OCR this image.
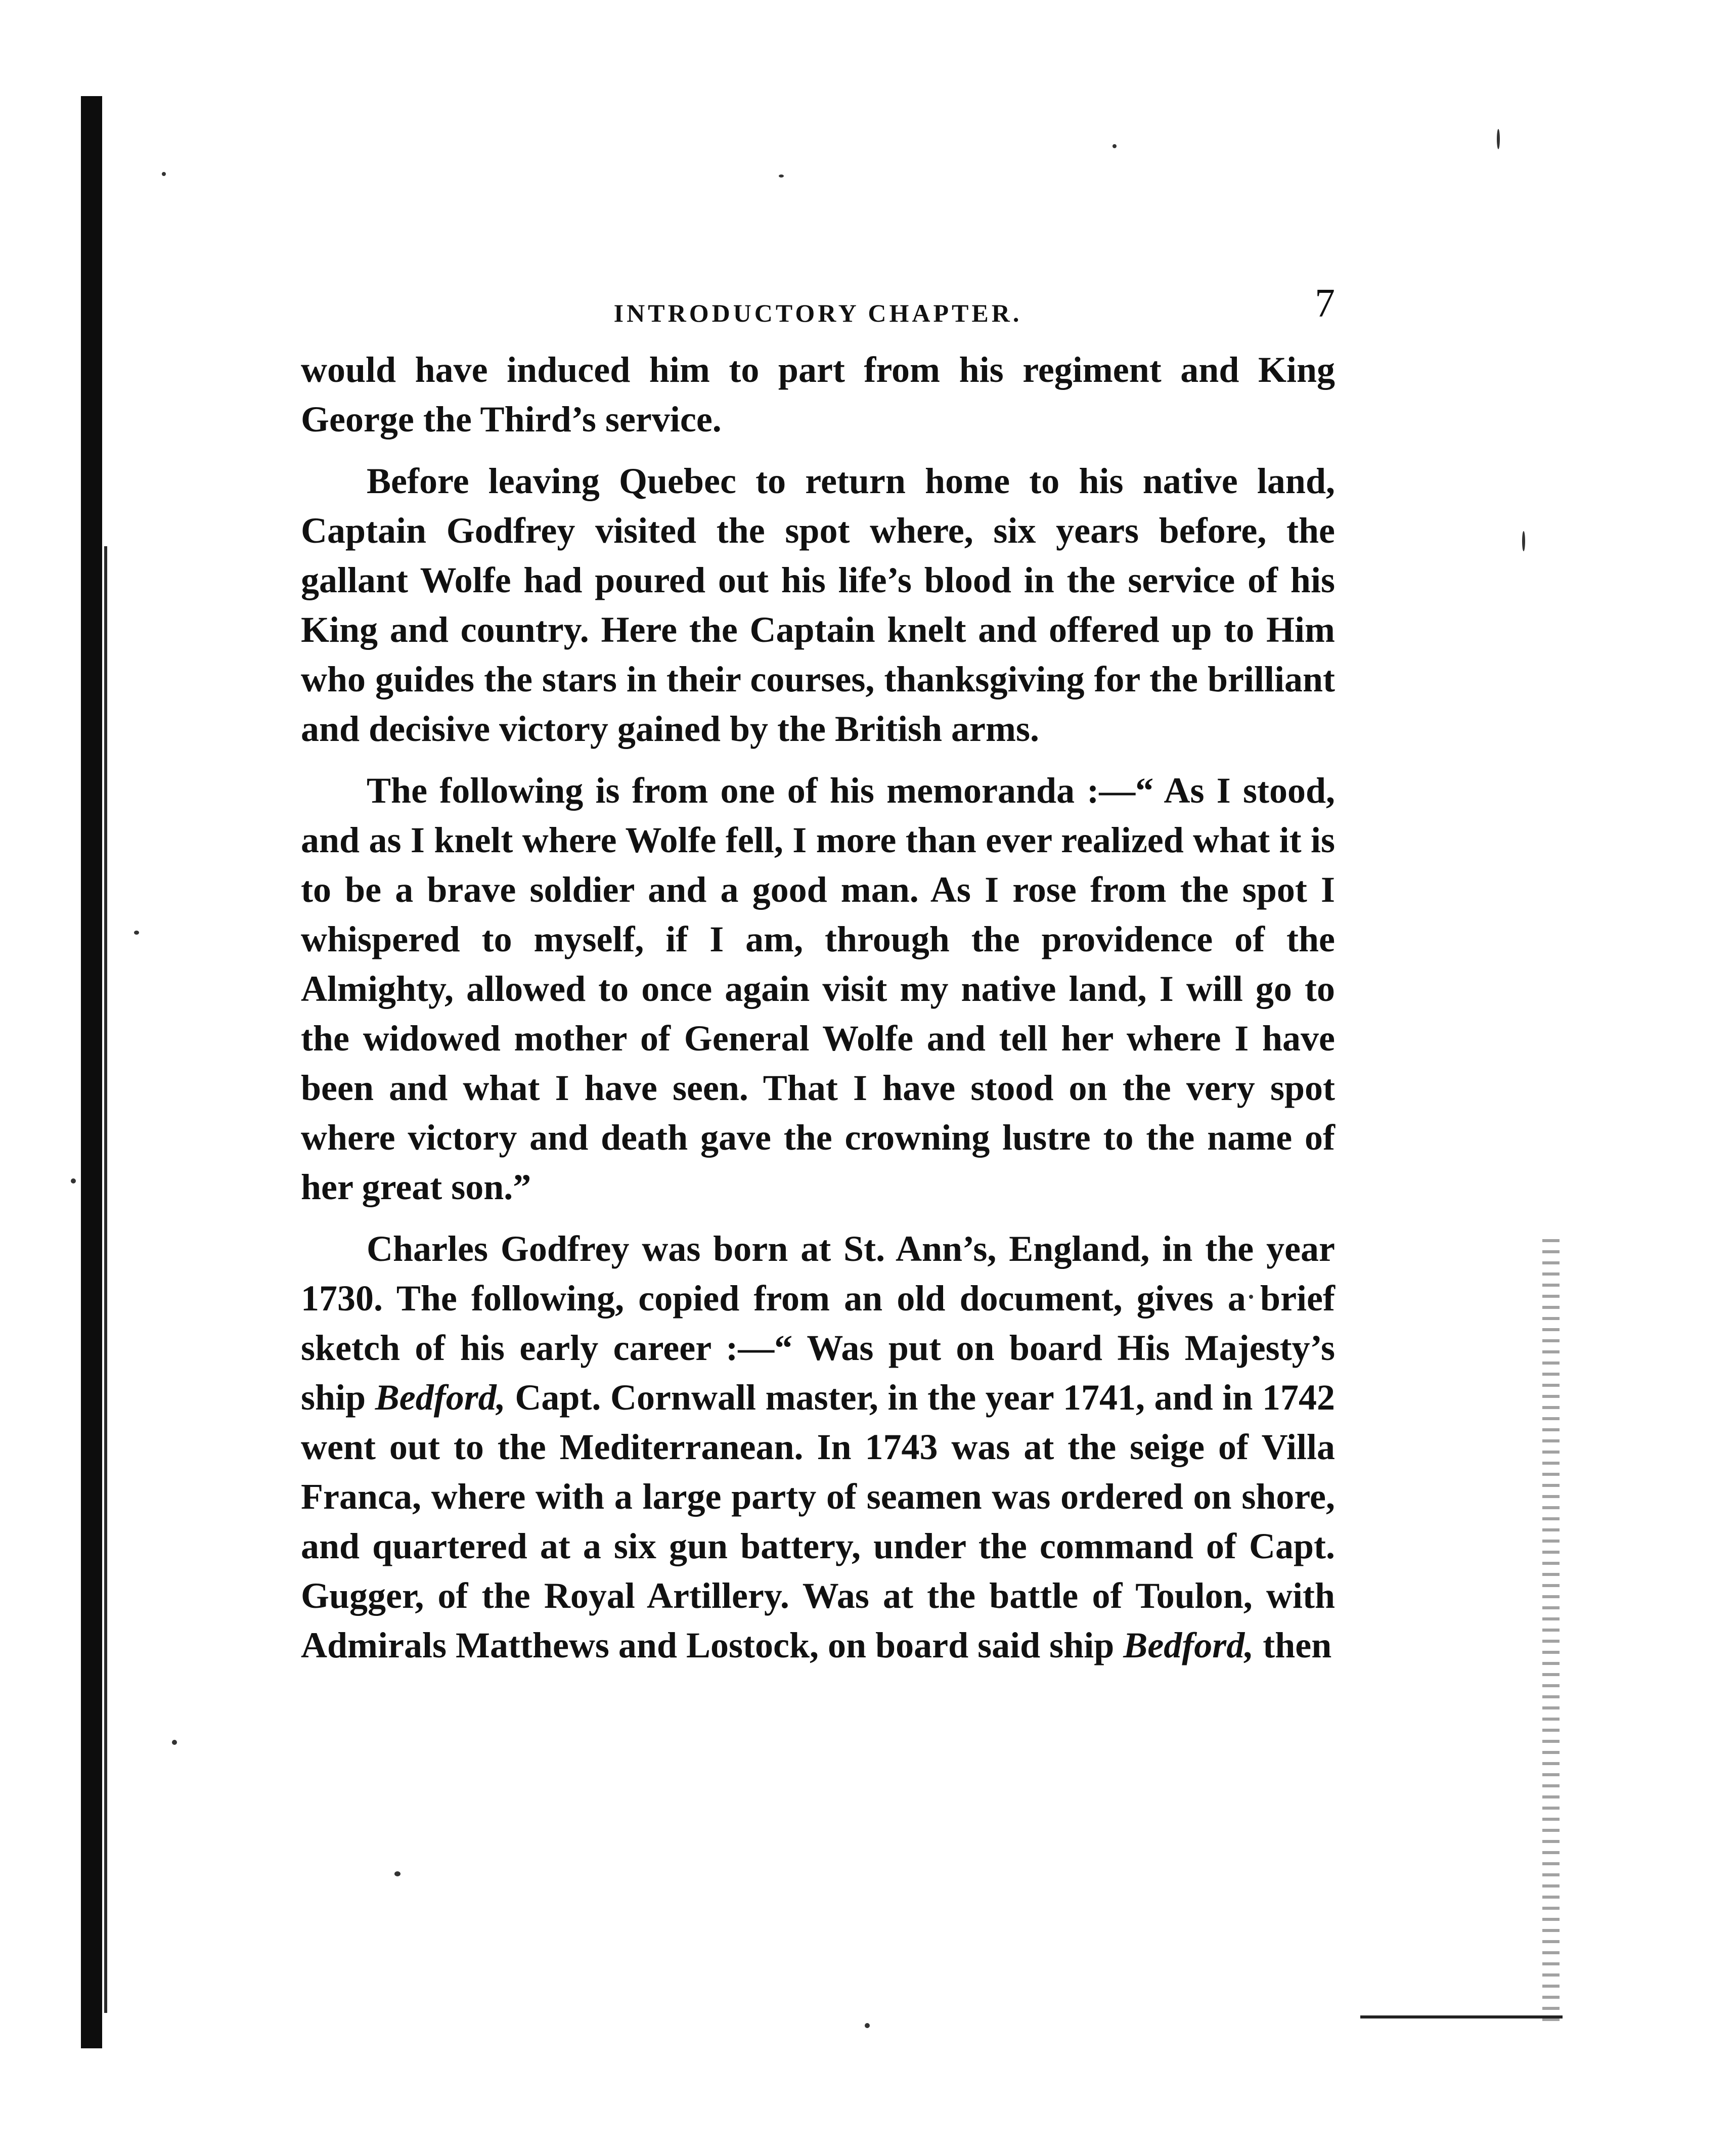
INTRODUCTORY CHAPTER.	7

would have induced him to part from his regiment and King George the Third’s service.

Before leaving Quebec to return home to his native land, Captain Godfrey visited the spot where, six years before, the gallant Wolfe had poured out his life’s blood in the service of his King and country. Here the Captain knelt and offered up to Him who guides the stars in their courses, thanksgiving for the brilliant and decisive victory gained by the British arms.

The following is from one of his memoranda :—“ As I stood, and as I knelt where Wolfe fell, I more than ever realized what it is to be a brave soldier and a good man. As I rose from the spot I whispered to myself, if I am, through the providence of the Almighty, allowed to once again visit my native land, I will go to the widowed mother of General Wolfe and tell her where I have been and what I have seen. That I have stood on the very spot where victory and death gave the crowning lustre to the name of her great son.”

Charles Godfrey was born at St. Ann’s, England, in the year 1730. The following, copied from an old document, gives a brief sketch of his early career :—“ Was put on board His Majesty’s ship Bedford, Capt. Cornwall master, in the year 1741, and in 1742 went out to the Mediterranean. In 1743 was at the seige of Villa Franca, where with a large party of seamen was ordered on shore, and quartered at a six gun battery, under the command of Capt. Gugger, of the Royal Artillery. Was at the battle of Toulon, with Admirals Matthews and Lostock, on board said ship Bedford, then
